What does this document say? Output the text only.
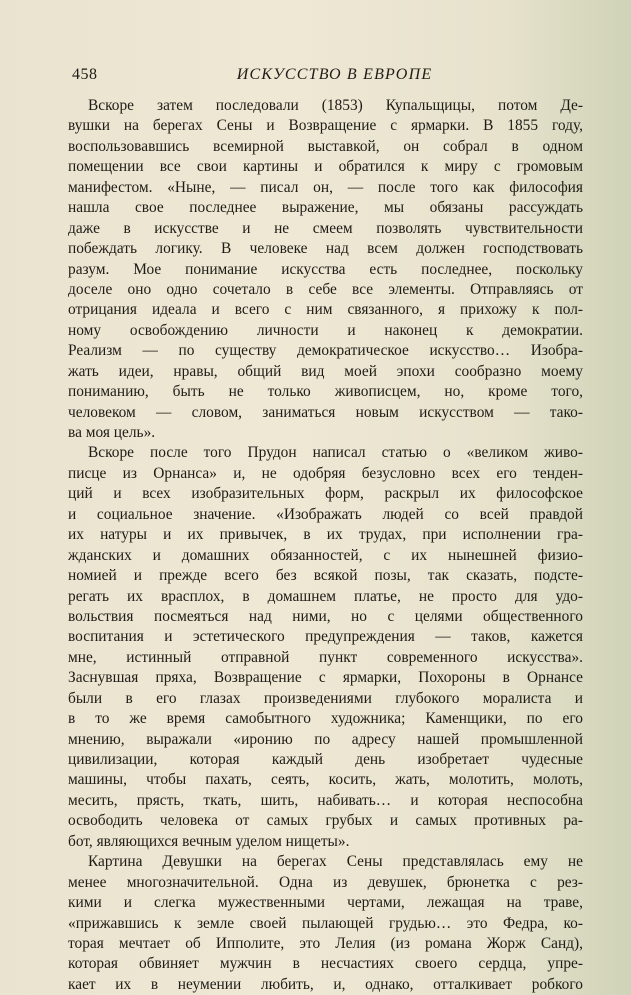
458	ИСКУССТВО В ЕВРОПЕ
Вскоре затем последовали (1853) Купальщицы, потом Де-
вушки на берегах Сены и Возвращение с ярмарки. В 1855 году,
воспользовавшись всемирной выставкой, он собрал в одном
помещении все свои картины и обратился к миру с громовым
манифестом. «Ныне, — писал он, — после того как философия
нашла свое последнее выражение, мы обязаны рассуждать
даже в искусстве и не смеем позволять чувствительности
побеждать логику. В человеке над всем должен господствовать
разум. Мое понимание искусства есть последнее, поскольку
доселе оно одно сочетало в себе все элементы. Отправляясь от
отрицания идеала и всего с ним связанного, я прихожу к пол-
ному освобождению личности и наконец к демократии.
Реализм — по существу демократическое искусство… Изобра-
жать идеи, нравы, общий вид моей эпохи сообразно моему
пониманию, быть не только живописцем, но, кроме того,
человеком — словом, заниматься новым искусством — тако-
ва моя цель».
Вскоре после того Прудон написал статью о «великом живо-
писце из Орнанса» и, не одобряя безусловно всех его тенден-
ций и всех изобразительных форм, раскрыл их философское
и социальное значение. «Изображать людей со всей правдой
их натуры и их привычек, в их трудах, при исполнении гра-
жданских и домашних обязанностей, с их нынешней физио-
номией и прежде всего без всякой позы, так сказать, подсте-
регать их врасплох, в домашнем платье, не просто для удо-
вольствия посмеяться над ними, но с целями общественного
воспитания и эстетического предупреждения — таков, кажется
мне, истинный отправной пункт современного искусства».
Заснувшая пряха, Возвращение с ярмарки, Похороны в Орнансе
были в его глазах произведениями глубокого моралиста и
в то же время самобытного художника; Каменщики, по его
мнению, выражали «иронию по адресу нашей промышленной
цивилизации, которая каждый день изобретает чудесные
машины, чтобы пахать, сеять, косить, жать, молотить, молоть,
месить, прясть, ткать, шить, набивать… и которая неспособна
освободить человека от самых грубых и самых противных ра-
бот, являющихся вечным уделом нищеты».
Картина Девушки на берегах Сены представлялась ему не
менее многозначительной. Одна из девушек, брюнетка с рез-
кими и слегка мужественными чертами, лежащая на траве,
«прижавшись к земле своей пылающей грудью… это Федра, ко-
торая мечтает об Ипполите, это Лелия (из романа Жорж Санд),
которая обвиняет мужчин в несчастиях своего сердца, упре-
кает их в неумении любить, и, однако, отталкивает робкого
